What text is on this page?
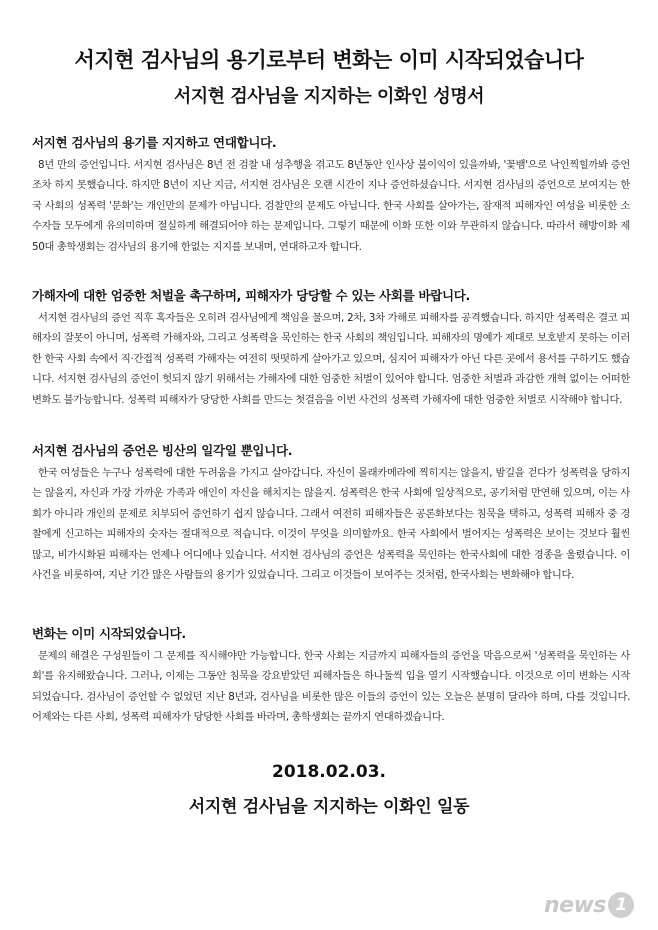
서지현 검사님의 용기로부터 변화는 이미 시작되었습니다
서지현 검사님을 지지하는 이화인 성명서
서지현 검사님의 용기를 지지하고 연대합니다.

8년 만의 증언입니다. 서지현 검사님은 8년 전 검찰 내 성추행을 겪고도 8년동안 인사상 불이익이 있을까봐, '꽃뱀'으로 낙인찍힐까봐 증언조차 하지 못했습니다. 하지만 8년이 지난 지금, 서지현 검사님은 오랜 시간이 지나 증언하셨습니다. 서지현 검사님의 증언으로 보여지는 한국 사회의 성폭력 '문화'는 개인만의 문제가 아닙니다. 검찰만의 문제도 아닙니다. 한국 사회를 살아가는, 잠재적 피해자인 여성을 비롯한 소수자들 모두에게 유의미하며 절실하게 해결되어야 하는 문제입니다. 그렇기 때문에 이화 또한 이와 무관하지 않습니다. 따라서 해방이화 제50대 총학생회는 검사님의 용기에 한없는 지지를 보내며, 연대하고자 합니다.

가해자에 대한 엄중한 처벌을 촉구하며, 피해자가 당당할 수 있는 사회를 바랍니다.

서지현 검사님의 증언 직후 혹자들은 오히려 검사님에게 책임을 물으며, 2차, 3차 가해로 피해자를 공격했습니다. 하지만 성폭력은 결코 피해자의 잘못이 아니며, 성폭력 가해자와, 그리고 성폭력을 묵인하는 한국 사회의 책임입니다. 피해자의 명예가 제대로 보호받지 못하는 이러한 한국 사회 속에서 직·간접적 성폭력 가해자는 여전히 떳떳하게 살아가고 있으며, 심지어 피해자가 아닌 다른 곳에서 용서를 구하기도 했습니다. 서지현 검사님의 증언이 헛되지 않기 위해서는 가해자에 대한 엄중한 처벌이 있어야 합니다. 엄중한 처벌과 과감한 개혁 없이는 어떠한 변화도 불가능합니다. 성폭력 피해자가 당당한 사회를 만드는 첫걸음을 이번 사건의 성폭력 가해자에 대한 엄중한 처벌로 시작해야 합니다.

서지현 검사님의 증언은 빙산의 일각일 뿐입니다.

한국 여성들은 누구나 성폭력에 대한 두려움을 가지고 살아갑니다. 자신이 몰래카메라에 찍히지는 않을지, 밤길을 걷다가 성폭력을 당하지는 않을지, 자신과 가장 가까운 가족과 애인이 자신을 해치지는 않을지. 성폭력은 한국 사회에 일상적으로, 공기처럼 만연해 있으며, 이는 사회가 아니라 개인의 문제로 치부되어 증언하기 쉽지 않습니다. 그래서 여전히 피해자들은 공론화보다는 침묵을 택하고, 성폭력 피해자 중 경찰에게 신고하는 피해자의 숫자는 절대적으로 적습니다. 이것이 무엇을 의미할까요. 한국 사회에서 벌어지는 성폭력은 보이는 것보다 훨씬 많고, 비가시화된 피해자는 언제나 어디에나 있습니다. 서지현 검사님의 증언은 성폭력을 묵인하는 한국사회에 대한 경종을 울렸습니다. 이 사건을 비롯하여, 지난 기간 많은 사람들의 용기가 있었습니다. 그리고 이것들이 보여주는 것처럼, 한국사회는 변화해야 합니다.

변화는 이미 시작되었습니다.

문제의 해결은 구성원들이 그 문제를 직시해야만 가능합니다. 한국 사회는 지금까지 피해자들의 증언을 막음으로써 '성폭력을 묵인하는 사회'를 유지해왔습니다. 그러나, 이제는 그동안 침묵을 강요받았던 피해자들은 하나둘씩 입을 열기 시작했습니다. 이것으로 이미 변화는 시작되었습니다. 검사님이 증언할 수 없었던 지난 8년과, 검사님을 비롯한 많은 이들의 증언이 있는 오늘은 분명히 달라야 하며, 다를 것입니다. 어제와는 다른 사회, 성폭력 피해자가 당당한 사회를 바라며, 총학생회는 끝까지 연대하겠습니다.

2018.02.03.
서지현 검사님을 지지하는 이화인 일동
news 1
